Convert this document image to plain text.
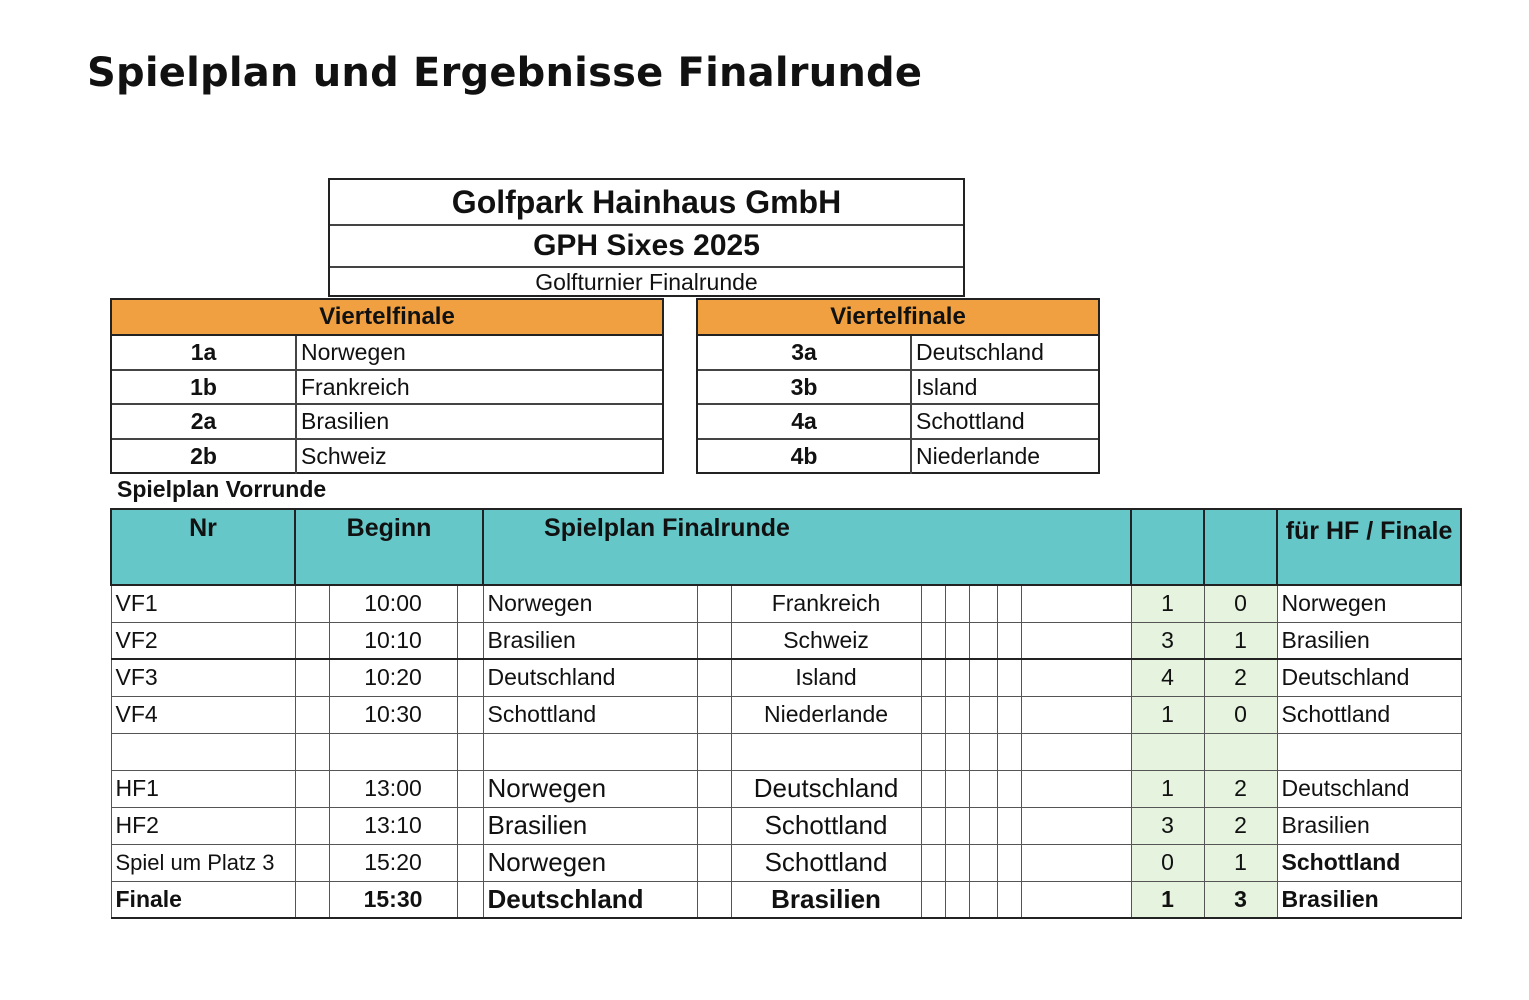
Spielplan und Ergebnisse Finalrunde
Golfpark Hainhaus GmbH
GPH Sixes 2025
Golfturnier Finalrunde
Viertelfinale
1a	Norwegen
1b	Frankreich
2a	Brasilien
2b	Schweiz
Viertelfinale
3a	Deutschland
3b	Island
4a	Schottland
4b	Niederlande
Spielplan Vorrunde
Nr	Beginn			Spielplan Finalrunde										für HF / Finale
VF1		10:00		Norwegen		Frankreich						1	0	Norwegen
VF2		10:10		Brasilien		Schweiz						3	1	Brasilien
VF3		10:20		Deutschland		Island						4	2	Deutschland
VF4		10:30		Schottland		Niederlande						1	0	Schottland

HF1		13:00		Norwegen		Deutschland						1	2	Deutschland
HF2		13:10		Brasilien		Schottland						3	2	Brasilien
Spiel um Platz 3		15:20		Norwegen		Schottland						0	1	Schottland
Finale		15:30		Deutschland		Brasilien						1	3	Brasilien
